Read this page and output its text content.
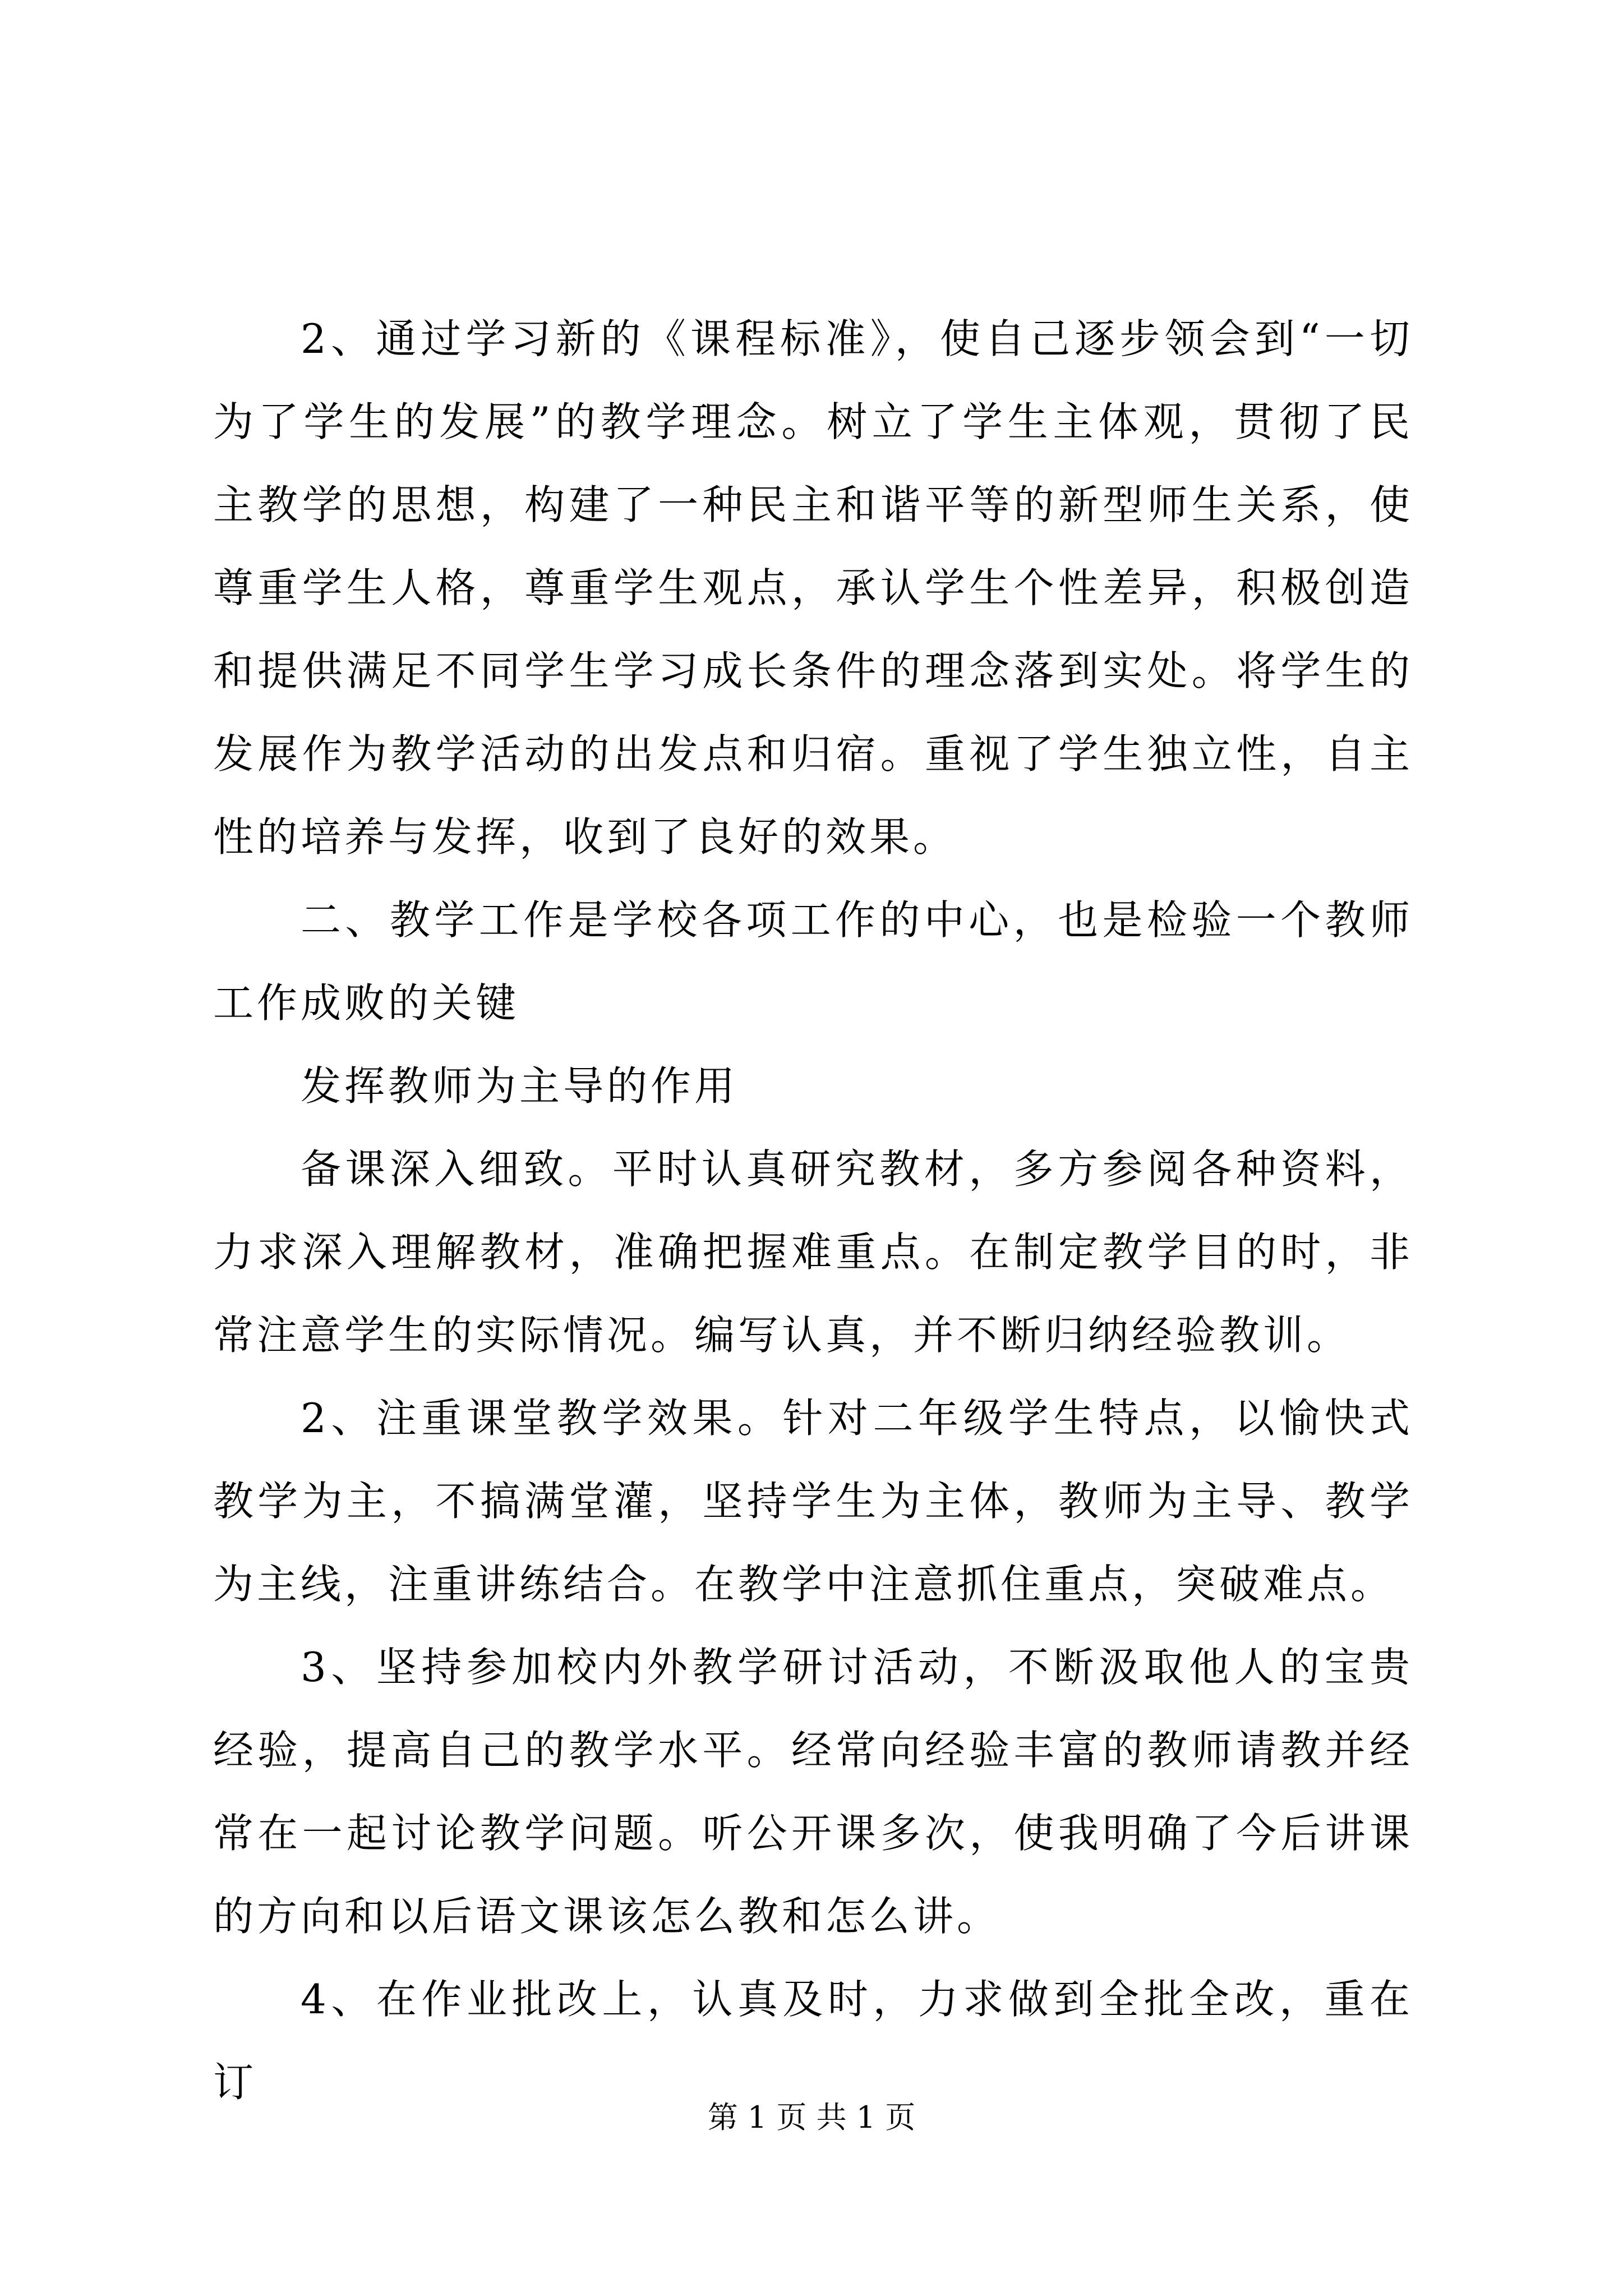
2、通过学习新的《课程标准》，使自己逐步领会到“一切为了学生的发展”的教学理念。树立了学生主体观，贯彻了民主教学的思想，构建了一种民主和谐平等的新型师生关系，使尊重学生人格，尊重学生观点，承认学生个性差异，积极创造和提供满足不同学生学习成长条件的理念落到实处。将学生的发展作为教学活动的出发点和归宿。重视了学生独立性，自主性的培养与发挥，收到了良好的效果。

二、教学工作是学校各项工作的中心，也是检验一个教师工作成败的关键

发挥教师为主导的作用

备课深入细致。平时认真研究教材，多方参阅各种资料，力求深入理解教材，准确把握难重点。在制定教学目的时，非常注意学生的实际情况。编写认真，并不断归纳经验教训。

2、注重课堂教学效果。针对二年级学生特点，以愉快式教学为主，不搞满堂灌，坚持学生为主体，教师为主导、教学为主线，注重讲练结合。在教学中注意抓住重点，突破难点。

3、坚持参加校内外教学研讨活动，不断汲取他人的宝贵经验，提高自己的教学水平。经常向经验丰富的教师请教并经常在一起讨论教学问题。听公开课多次，使我明确了今后讲课的方向和以后语文课该怎么教和怎么讲。

4、在作业批改上，认真及时，力求做到全批全改，重在订

第 1 页 共 1 页
